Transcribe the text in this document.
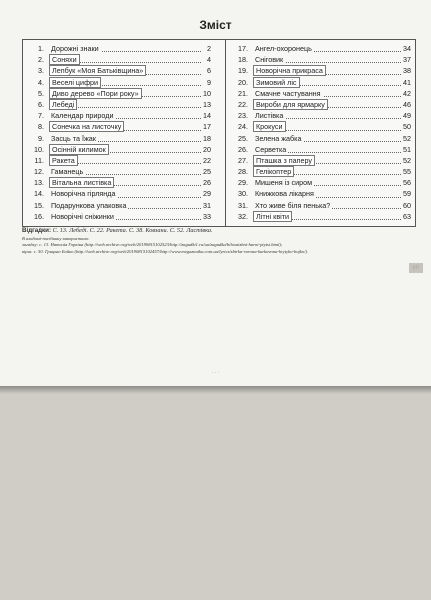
Зміст
1. Дорожні знаки	2
2.	Соняхи	4
3.	Лепбук «Моя Батьківщина»	6
4.	Веселі цифри	9
5.	Диво дерево «Пори року»	10
6.	Лебеді	13
7. Календар природи	14
8.	Сонечка на листочку	17
9. Засць та Їжак	18
10.	Осінній килимок	20
11.	Ракета	22
12. Гаманець	25
13.	Вітальна листівка	26
14. Новорічна гірлянда	29
15. Подарункова упаковка	31
16. Новорічні сніжинки	33
17. Ангел-охоронець	34
18. Сніговик	37
19.	Новорічна прикраса	38
20.	Зимовий ліс	41
21. Смачне частування	42
22.	Вироби для ярмарку	46
23. Листівка	49
24.	Крокуси	50
25. Зелена жабка	52
26. Серветка	51
27.	Пташка з паперу	52
28.	Гелікоптер	55
29. Мишеня із сиром	56
30. Книжкова лікарня	59
31. Хто живе біля пенька?	60
32.	Літні квіти	63
Відгадки: С. 13. Лебеді. С. 22. Ракета. С. 38. Ковзани. С. 52. Ластівка.
В альбомі-посібнику використано:
загадку: с. 13. Наталія Горкіна (http://web.archive.org/web/20190815102523/http://zagadki1.ru/ua/zagadka/bilosnizhni-harni-ptytsi.html);
вірш: с. 50. Грицько Бойко (http://web.archive.org/web/20190815102457/http://www.megaznaika.com.ua/lyrics/zbirka-vorona-karkavona-krytyko-bujko/).
КР
· · ·
